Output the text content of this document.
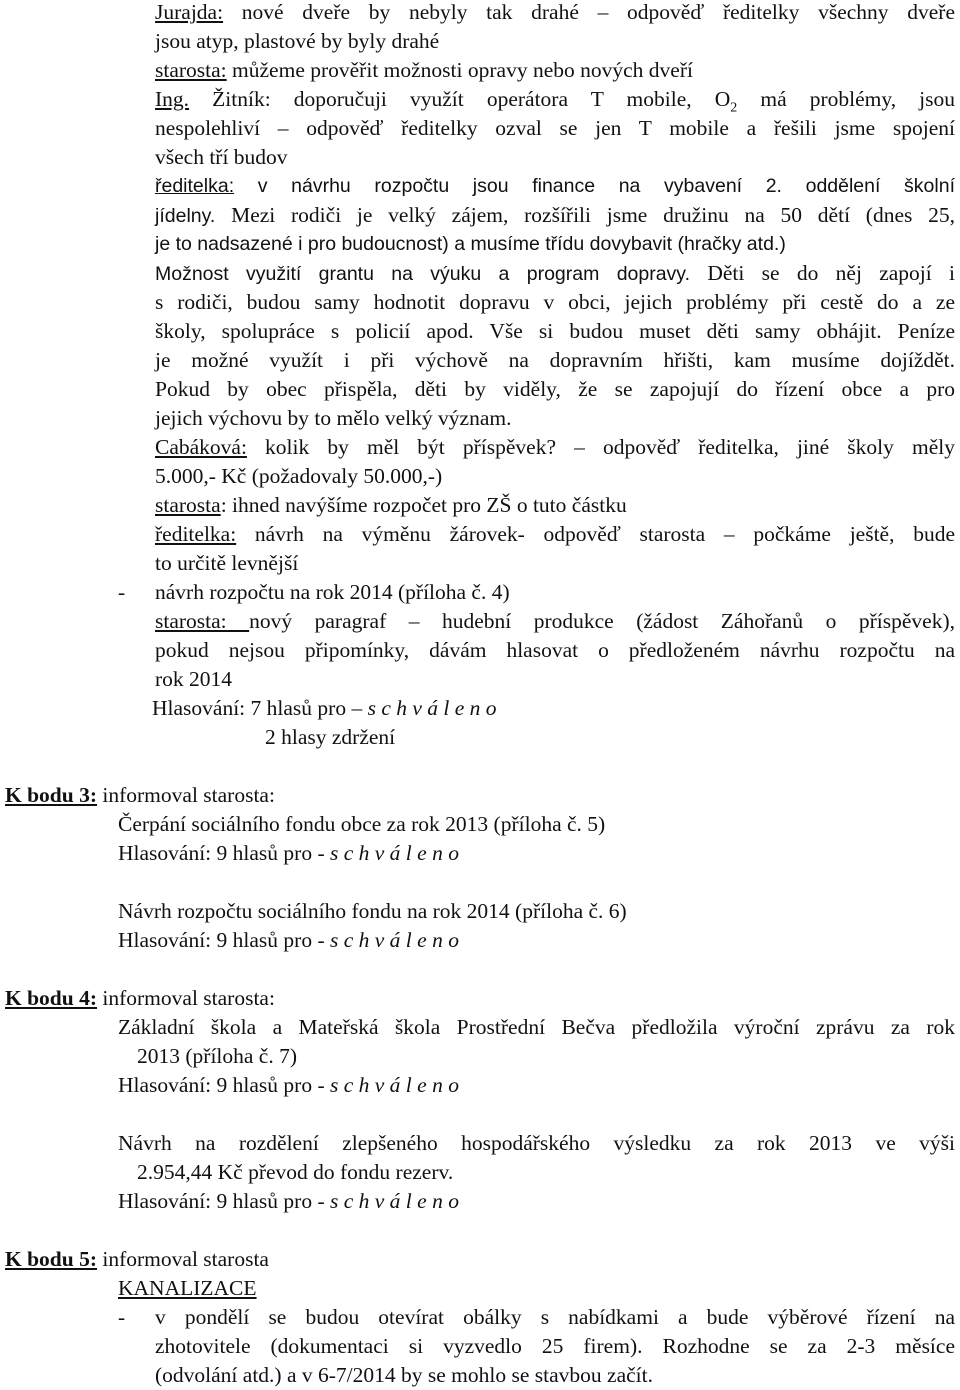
Jurajda: nové dveře by nebyly tak drahé – odpověď ředitelky všechny dveře
jsou atyp, plastové by byly drahé
starosta: můžeme prověřit možnosti opravy nebo nových dveří
Ing. Žitník: doporučuji využít operátora T mobile, $O_2$ má problémy, jsou
nespolehliví – odpověď ředitelky ozval se jen T mobile a řešili jsme spojení
všech tří budov
ředitelka: v návrhu rozpočtu jsou finance na vybavení 2. oddělení školní
jídelny. Mezi rodiči je velký zájem, rozšířili jsme družinu na 50 dětí (dnes 25,
je to nadsazené i pro budoucnost) a musíme třídu dovybavit (hračky atd.)
Možnost využití grantu na výuku a program dopravy. Děti se do něj zapojí i
s rodiči, budou samy hodnotit dopravu v obci, jejich problémy při cestě do a ze
školy, spolupráce s policií apod. Vše si budou muset děti samy obhájit. Peníze
je možné využít i při výchově na dopravním hřišti, kam musíme dojíždět.
Pokud by obec přispěla, děti by viděly, že se zapojují do řízení obce a pro
jejich výchovu by to mělo velký význam.
Cabáková: kolik by měl být příspěvek? – odpověď ředitelka, jiné školy měly
5.000,- Kč (požadovaly 50.000,-)
starosta: ihned navýšíme rozpočet pro ZŠ o tuto částku
ředitelka: návrh na výměnu žárovek- odpověď starosta – počkáme ještě, bude
to určitě levnější
- návrh rozpočtu na rok 2014 (příloha č. 4)
starosta: nový paragraf – hudební produkce (žádost Záhořanů o příspěvek),
pokud nejsou připomínky, dávám hlasovat o předloženém návrhu rozpočtu na
rok 2014
Hlasování: 7 hlasů pro – s c h v á l e n o
2 hlasy zdržení
K bodu 3: informoval starosta:
Čerpání sociálního fondu obce za rok 2013 (příloha č. 5)
Hlasování: 9 hlasů pro - s c h v á l e n o
Návrh rozpočtu sociálního fondu na rok 2014 (příloha č. 6)
Hlasování: 9 hlasů pro - s c h v á l e n o
K bodu 4: informoval starosta:
Základní škola a Mateřská škola Prostřední Bečva předložila výroční zprávu za rok
2013 (příloha č. 7)
Hlasování: 9 hlasů pro - s c h v á l e n o
Návrh na rozdělení zlepšeného hospodářského výsledku za rok 2013 ve výši
2.954,44 Kč převod do fondu rezerv.
Hlasování: 9 hlasů pro - s c h v á l e n o
K bodu 5: informoval starosta
KANALIZACE
- v pondělí se budou otevírat obálky s nabídkami a bude výběrové řízení na
zhotovitele (dokumentaci si vyzvedlo 25 firem). Rozhodne se za 2-3 měsíce
(odvolání atd.) a v 6-7/2014 by se mohlo se stavbou začít.
